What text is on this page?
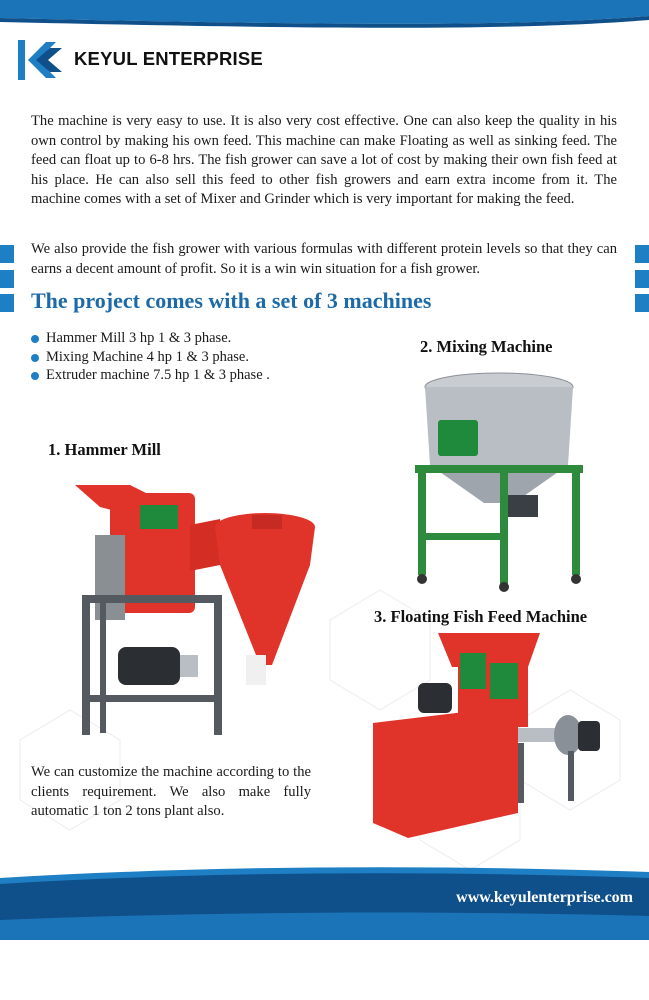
KEYUL ENTERPRISE

The machine is very easy to use. It is also very cost effective. One can also keep the quality in his own control by making his own feed. This machine can make Floating as well as sinking feed. The feed can float up to 6-8 hrs. The fish grower can save a lot of cost by making their own fish feed at his place. He can also sell this feed to other fish growers and earn extra income from it. The machine comes with a set of Mixer and Grinder which is very important for making the feed.

We also provide the fish grower with various formulas with different protein levels so that they can earns a decent amount of profit. So it is a win win situation for a fish grower.

The project comes with a set of 3 machines
Hammer Mill 3 hp 1 & 3 phase.
Mixing Machine 4 hp 1 & 3 phase.
Extruder machine 7.5 hp 1 & 3 phase .
2. Mixing Machine
1. Hammer Mill
3. Floating Fish Feed Machine

We can customize the machine according to the clients requirement. We also make fully automatic 1 ton 2 tons plant also.

www.keyulenterprise.com
